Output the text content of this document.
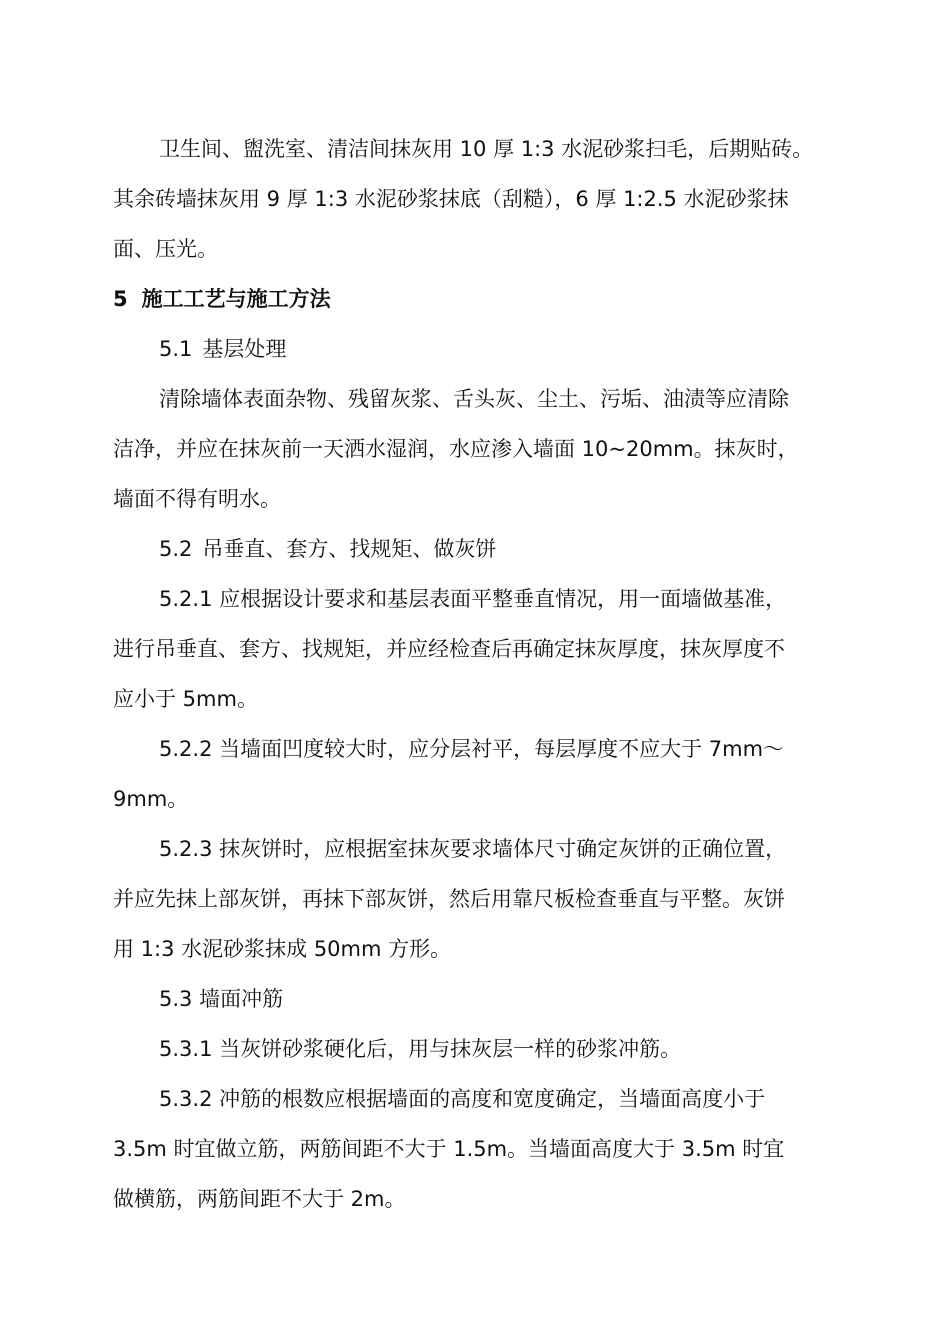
卫生间、盥洗室、清洁间抹灰用 10 厚 1:3 水泥砂浆扫毛，后期贴砖。
其余砖墙抹灰用 9 厚 1:3 水泥砂浆抹底（刮糙），6 厚 1:2.5 水泥砂浆抹
面、压光。
5 施工工艺与施工方法
5.1 基层处理
清除墙体表面杂物、残留灰浆、舌头灰、尘土、污垢、油渍等应清除
洁净，并应在抹灰前一天洒水湿润，水应渗入墙面 10~20mm。抹灰时，
墙面不得有明水。
5.2 吊垂直、套方、找规矩、做灰饼
5.2.1 应根据设计要求和基层表面平整垂直情况，用一面墙做基准，
进行吊垂直、套方、找规矩，并应经检查后再确定抹灰厚度，抹灰厚度不
应小于 5mm。
5.2.2 当墙面凹度较大时，应分层衬平，每层厚度不应大于 7mm～
9mm。
5.2.3 抹灰饼时，应根据室抹灰要求墙体尺寸确定灰饼的正确位置，
并应先抹上部灰饼，再抹下部灰饼，然后用靠尺板检查垂直与平整。灰饼
用 1:3 水泥砂浆抹成 50mm 方形。
5.3 墙面冲筋
5.3.1 当灰饼砂浆硬化后，用与抹灰层一样的砂浆冲筋。
5.3.2 冲筋的根数应根据墙面的高度和宽度确定，当墙面高度小于
3.5m 时宜做立筋，两筋间距不大于 1.5m。当墙面高度大于 3.5m 时宜
做横筋，两筋间距不大于 2m。
